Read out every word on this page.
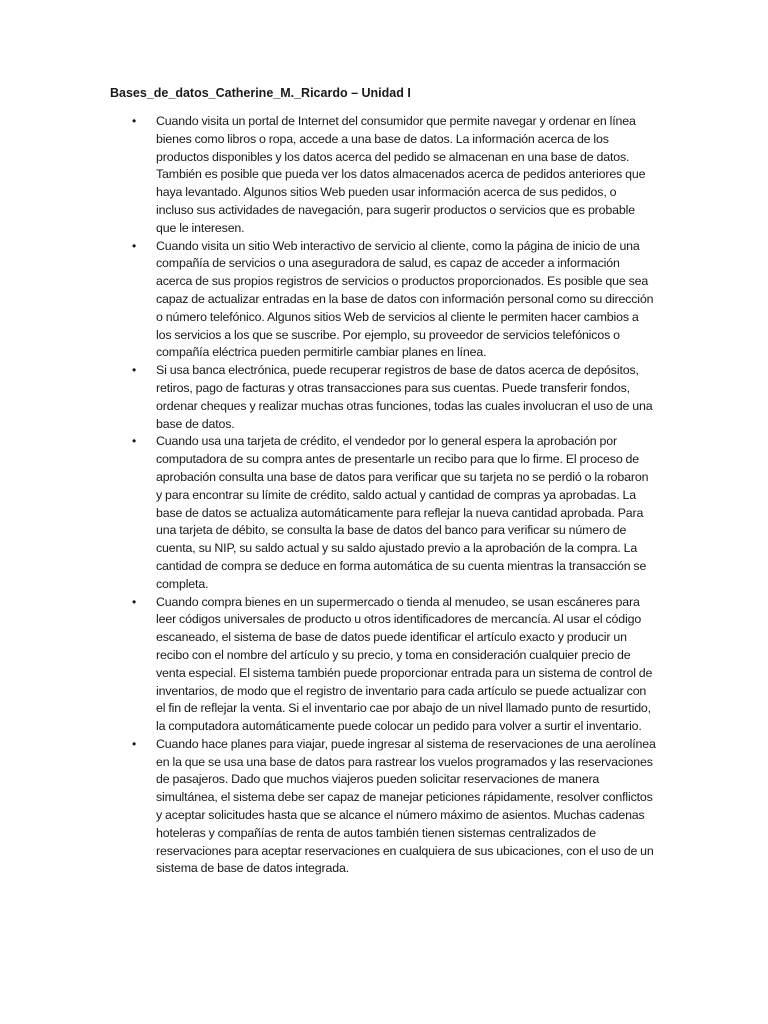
Bases_de_datos_Catherine_M._Ricardo – Unidad I
• Cuando visita un portal de Internet del consumidor que permite navegar y ordenar en línea bienes como libros o ropa, accede a una base de datos. La información acerca de los productos disponibles y los datos acerca del pedido se almacenan en una base de datos. También es posible que pueda ver los datos almacenados acerca de pedidos anteriores que haya levantado. Algunos sitios Web pueden usar información acerca de sus pedidos, o incluso sus actividades de navegación, para sugerir productos o servicios que es probable que le interesen.
• Cuando visita un sitio Web interactivo de servicio al cliente, como la página de inicio de una compañía de servicios o una aseguradora de salud, es capaz de acceder a información acerca de sus propios registros de servicios o productos proporcionados. Es posible que sea capaz de actualizar entradas en la base de datos con información personal como su dirección o número telefónico. Algunos sitios Web de servicios al cliente le permiten hacer cambios a los servicios a los que se suscribe. Por ejemplo, su proveedor de servicios telefónicos o compañía eléctrica pueden permitirle cambiar planes en línea.
• Si usa banca electrónica, puede recuperar registros de base de datos acerca de depósitos, retiros, pago de facturas y otras transacciones para sus cuentas. Puede transferir fondos, ordenar cheques y realizar muchas otras funciones, todas las cuales involucran el uso de una base de datos.
• Cuando usa una tarjeta de crédito, el vendedor por lo general espera la aprobación por computadora de su compra antes de presentarle un recibo para que lo firme. El proceso de aprobación consulta una base de datos para verificar que su tarjeta no se perdió o la robaron y para encontrar su límite de crédito, saldo actual y cantidad de compras ya aprobadas. La base de datos se actualiza automáticamente para reflejar la nueva cantidad aprobada. Para una tarjeta de débito, se consulta la base de datos del banco para verificar su número de cuenta, su NIP, su saldo actual y su saldo ajustado previo a la aprobación de la compra. La cantidad de compra se deduce en forma automática de su cuenta mientras la transacción se completa.
• Cuando compra bienes en un supermercado o tienda al menudeo, se usan escáneres para leer códigos universales de producto u otros identificadores de mercancía. Al usar el código escaneado, el sistema de base de datos puede identificar el artículo exacto y producir un recibo con el nombre del artículo y su precio, y toma en consideración cualquier precio de venta especial. El sistema también puede proporcionar entrada para un sistema de control de inventarios, de modo que el registro de inventario para cada artículo se puede actualizar con el fin de reflejar la venta. Si el inventario cae por abajo de un nivel llamado punto de resurtido, la computadora automáticamente puede colocar un pedido para volver a surtir el inventario.
• Cuando hace planes para viajar, puede ingresar al sistema de reservaciones de una aerolínea en la que se usa una base de datos para rastrear los vuelos programados y las reservaciones de pasajeros. Dado que muchos viajeros pueden solicitar reservaciones de manera simultánea, el sistema debe ser capaz de manejar peticiones rápidamente, resolver conflictos y aceptar solicitudes hasta que se alcance el número máximo de asientos. Muchas cadenas hoteleras y compañías de renta de autos también tienen sistemas centralizados de reservaciones para aceptar reservaciones en cualquiera de sus ubicaciones, con el uso de un sistema de base de datos integrada.
